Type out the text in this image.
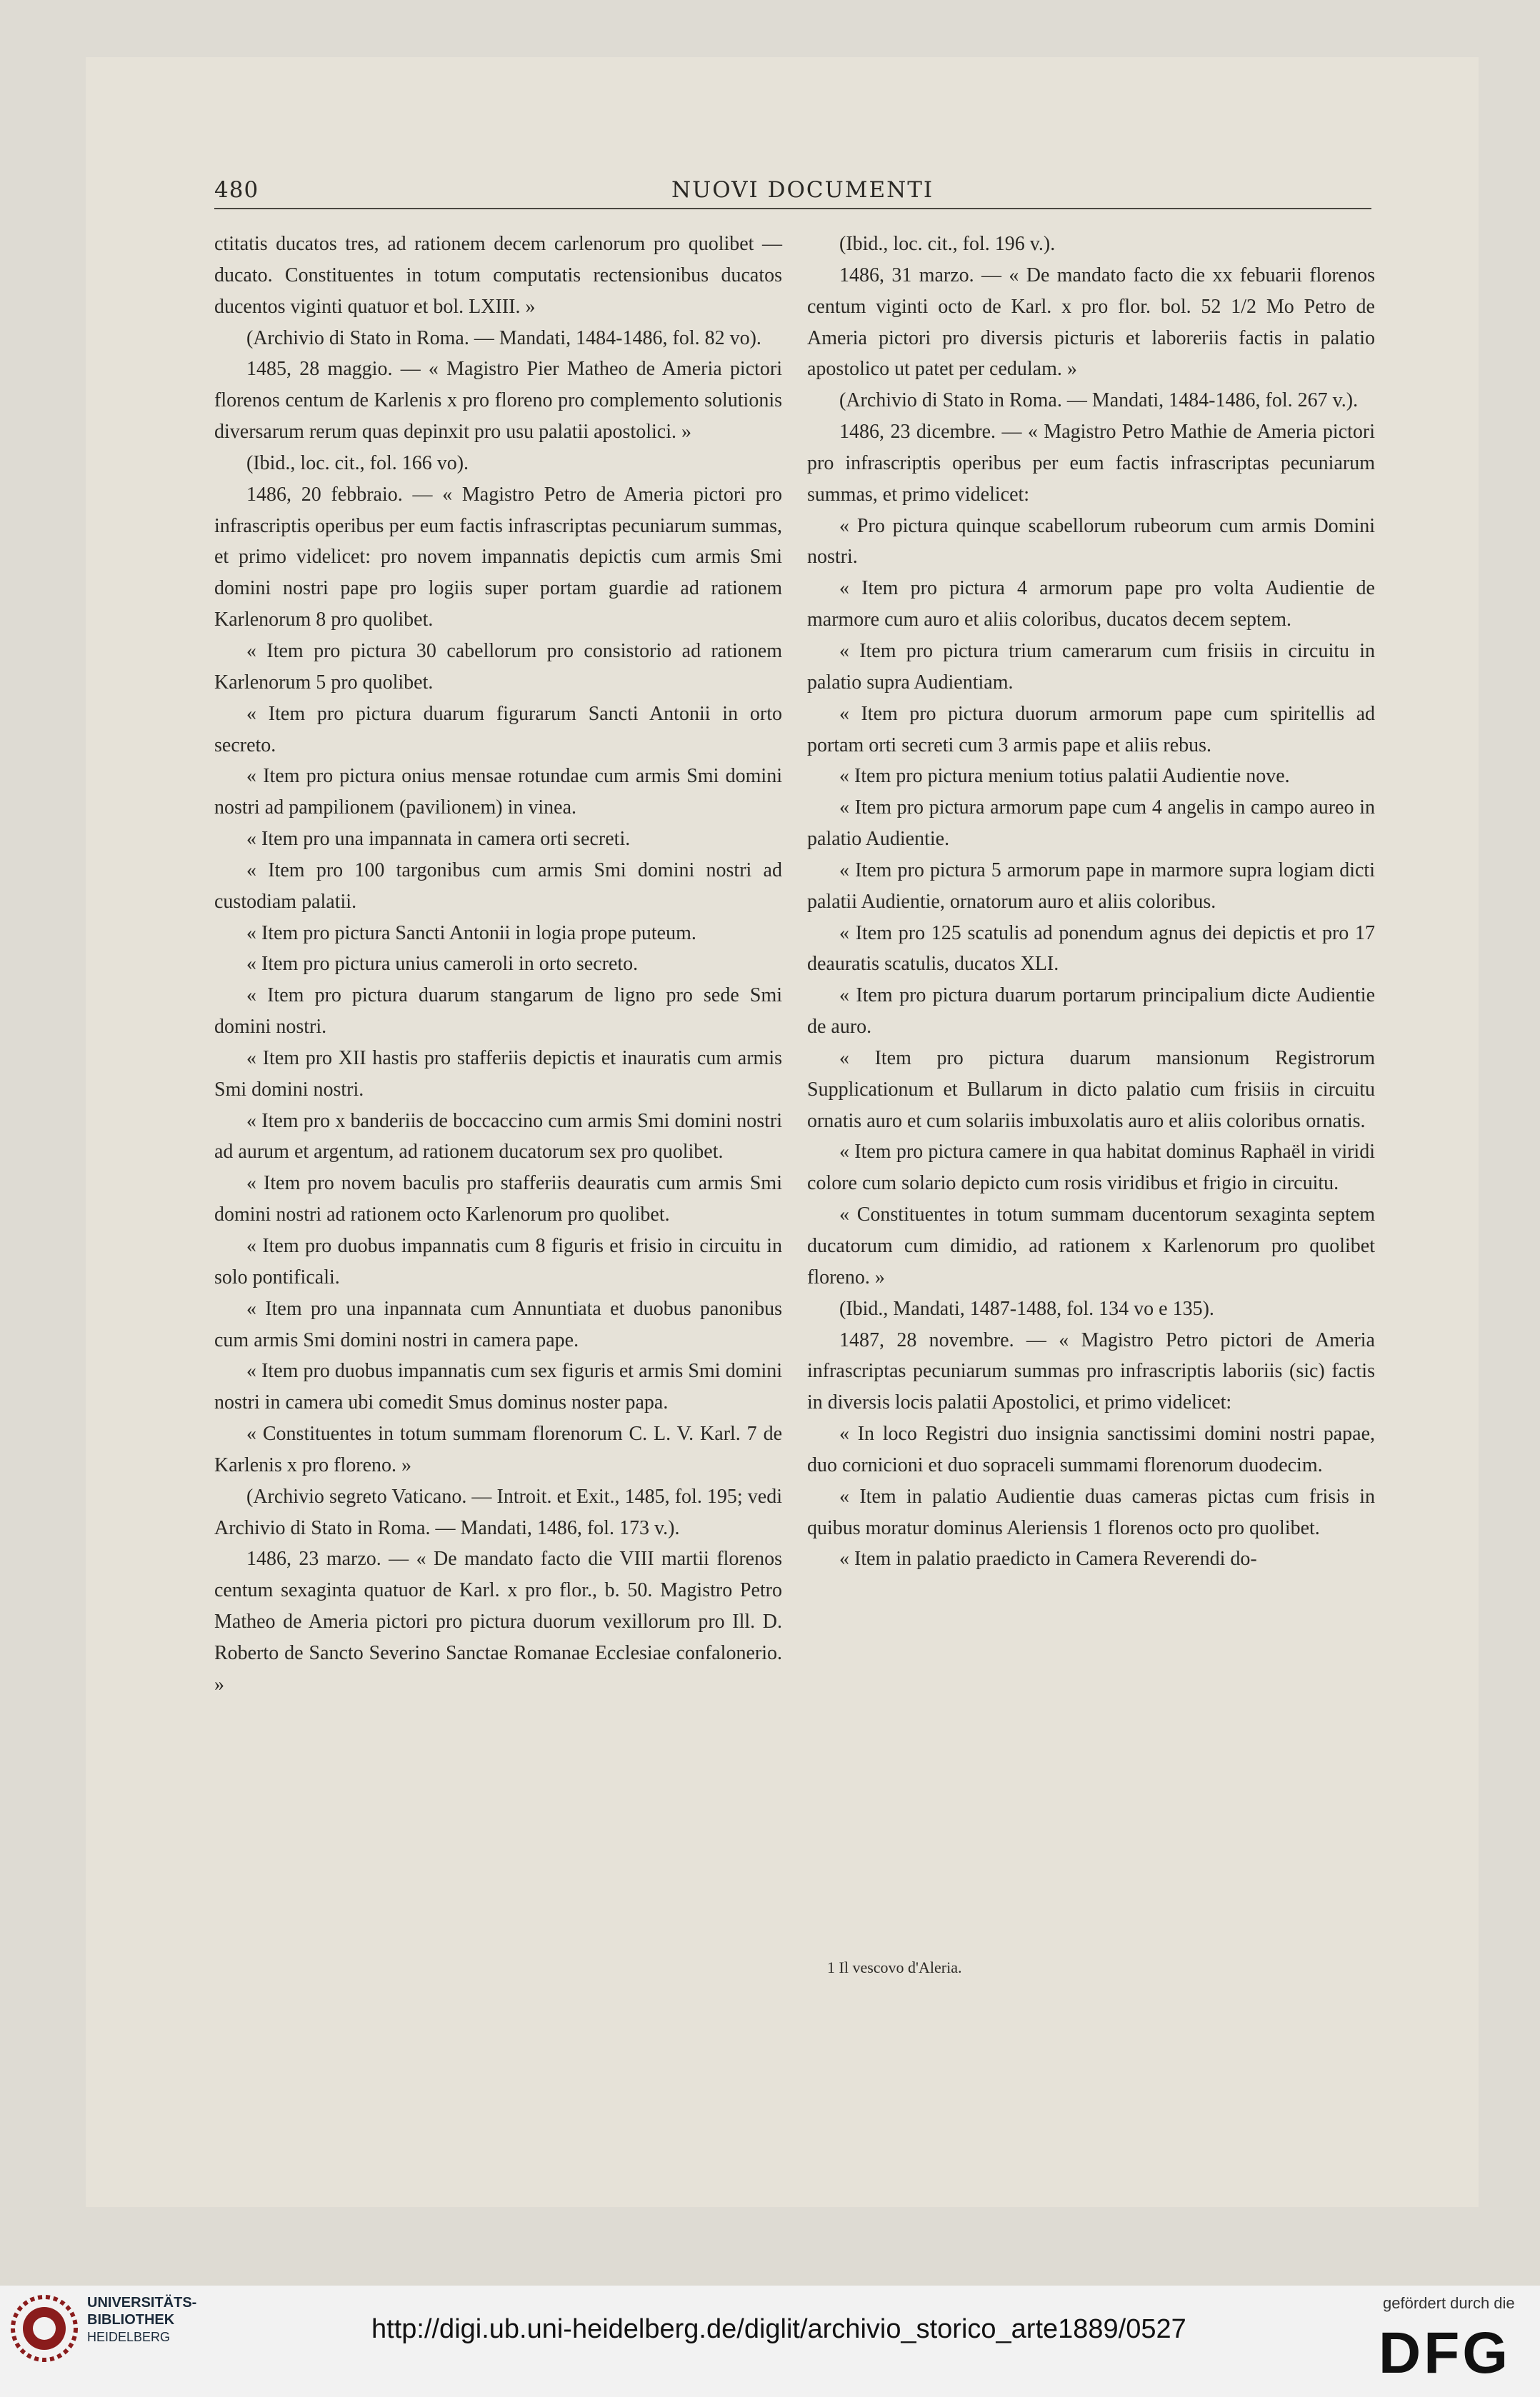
480	NUOVI DOCUMENTI

ctitatis ducatos tres, ad rationem decem carlenorum pro quolibet — ducato. Constituentes in totum computatis rectensionibus ducatos ducentos viginti quatuor et bol. LXIII. »

(Archivio di Stato in Roma. — Mandati, 1484-1486, fol. 82 vo).

1485, 28 maggio. — « Magistro Pier Matheo de Ameria pictori florenos centum de Karlenis x pro floreno pro complemento solutionis diversarum rerum quas depinxit pro usu palatii apostolici. »

(Ibid., loc. cit., fol. 166 vo).

1486, 20 febbraio. — « Magistro Petro de Ameria pictori pro infrascriptis operibus per eum factis infrascriptas pecuniarum summas, et primo videlicet: pro novem impannatis depictis cum armis Smi domini nostri pape pro logiis super portam guardie ad rationem Karlenorum 8 pro quolibet.

« Item pro pictura 30 cabellorum pro consistorio ad rationem Karlenorum 5 pro quolibet.

« Item pro pictura duarum figurarum Sancti Antonii in orto secreto.

« Item pro pictura onius mensae rotundae cum armis Smi domini nostri ad pampilionem (pavilionem) in vinea.

« Item pro una impannata in camera orti secreti.

« Item pro 100 targonibus cum armis Smi domini nostri ad custodiam palatii.

« Item pro pictura Sancti Antonii in logia prope puteum.

« Item pro pictura unius cameroli in orto secreto.

« Item pro pictura duarum stangarum de ligno pro sede Smi domini nostri.

« Item pro XII hastis pro stafferiis depictis et inauratis cum armis Smi domini nostri.

« Item pro x banderiis de boccaccino cum armis Smi domini nostri ad aurum et argentum, ad rationem ducatorum sex pro quolibet.

« Item pro novem baculis pro stafferiis deauratis cum armis Smi domini nostri ad rationem octo Karlenorum pro quolibet.

« Item pro duobus impannatis cum 8 figuris et frisio in circuitu in solo pontificali.

« Item pro una inpannata cum Annuntiata et duobus panonibus cum armis Smi domini nostri in camera pape.

« Item pro duobus impannatis cum sex figuris et armis Smi domini nostri in camera ubi comedit Smus dominus noster papa.

« Constituentes in totum summam florenorum C. L. V. Karl. 7 de Karlenis x pro floreno. »

(Archivio segreto Vaticano. — Introit. et Exit., 1485, fol. 195; vedi Archivio di Stato in Roma. — Mandati, 1486, fol. 173 v.).

1486, 23 marzo. — « De mandato facto die VIII martii florenos centum sexaginta quatuor de Karl. x pro flor., b. 50. Magistro Petro Matheo de Ameria pictori pro pictura duorum vexillorum pro Ill. D. Roberto de Sancto Severino Sanctae Romanae Ecclesiae confalonerio. »

(Ibid., loc. cit., fol. 196 v.).

1486, 31 marzo. — « De mandato facto die xx febuarii florenos centum viginti octo de Karl. x pro flor. bol. 52 1/2 Mo Petro de Ameria pictori pro diversis picturis et laboreriis factis in palatio apostolico ut patet per cedulam. »

(Archivio di Stato in Roma. — Mandati, 1484-1486, fol. 267 v.).

1486, 23 dicembre. — « Magistro Petro Mathie de Ameria pictori pro infrascriptis operibus per eum factis infrascriptas pecuniarum summas, et primo videlicet:

« Pro pictura quinque scabellorum rubeorum cum armis Domini nostri.

« Item pro pictura 4 armorum pape pro volta Audientie de marmore cum auro et aliis coloribus, ducatos decem septem.

« Item pro pictura trium camerarum cum frisiis in circuitu in palatio supra Audientiam.

« Item pro pictura duorum armorum pape cum spiritellis ad portam orti secreti cum 3 armis pape et aliis rebus.

« Item pro pictura menium totius palatii Audientie nove.

« Item pro pictura armorum pape cum 4 angelis in campo aureo in palatio Audientie.

« Item pro pictura 5 armorum pape in marmore supra logiam dicti palatii Audientie, ornatorum auro et aliis coloribus.

« Item pro 125 scatulis ad ponendum agnus dei depictis et pro 17 deauratis scatulis, ducatos XLI.

« Item pro pictura duarum portarum principalium dicte Audientie de auro.

« Item pro pictura duarum mansionum Registrorum Supplicationum et Bullarum in dicto palatio cum frisiis in circuitu ornatis auro et cum solariis imbuxolatis auro et aliis coloribus ornatis.

« Item pro pictura camere in qua habitat dominus Raphaël in viridi colore cum solario depicto cum rosis viridibus et frigio in circuitu.

« Constituentes in totum summam ducentorum sexaginta septem ducatorum cum dimidio, ad rationem x Karlenorum pro quolibet floreno. »

(Ibid., Mandati, 1487-1488, fol. 134 vo e 135).

1487, 28 novembre. — « Magistro Petro pictori de Ameria infrascriptas pecuniarum summas pro infrascriptis laboriis (sic) factis in diversis locis palatii Apostolici, et primo videlicet:

« In loco Registri duo insignia sanctissimi domini nostri papae, duo cornicioni et duo sopraceli summami florenorum duodecim.

« Item in palatio Audientie duas cameras pictas cum frisis in quibus moratur dominus Aleriensis 1 florenos octo pro quolibet.

« Item in palatio praedicto in Camera Reverendi do-

1 Il vescovo d'Aleria.
UNIVERSITÄTS-
BIBLIOTHEK
HEIDELBERG	http://digi.ub.uni-heidelberg.de/diglit/archivio_storico_arte1889/0527
gefördert durch die
DFG
